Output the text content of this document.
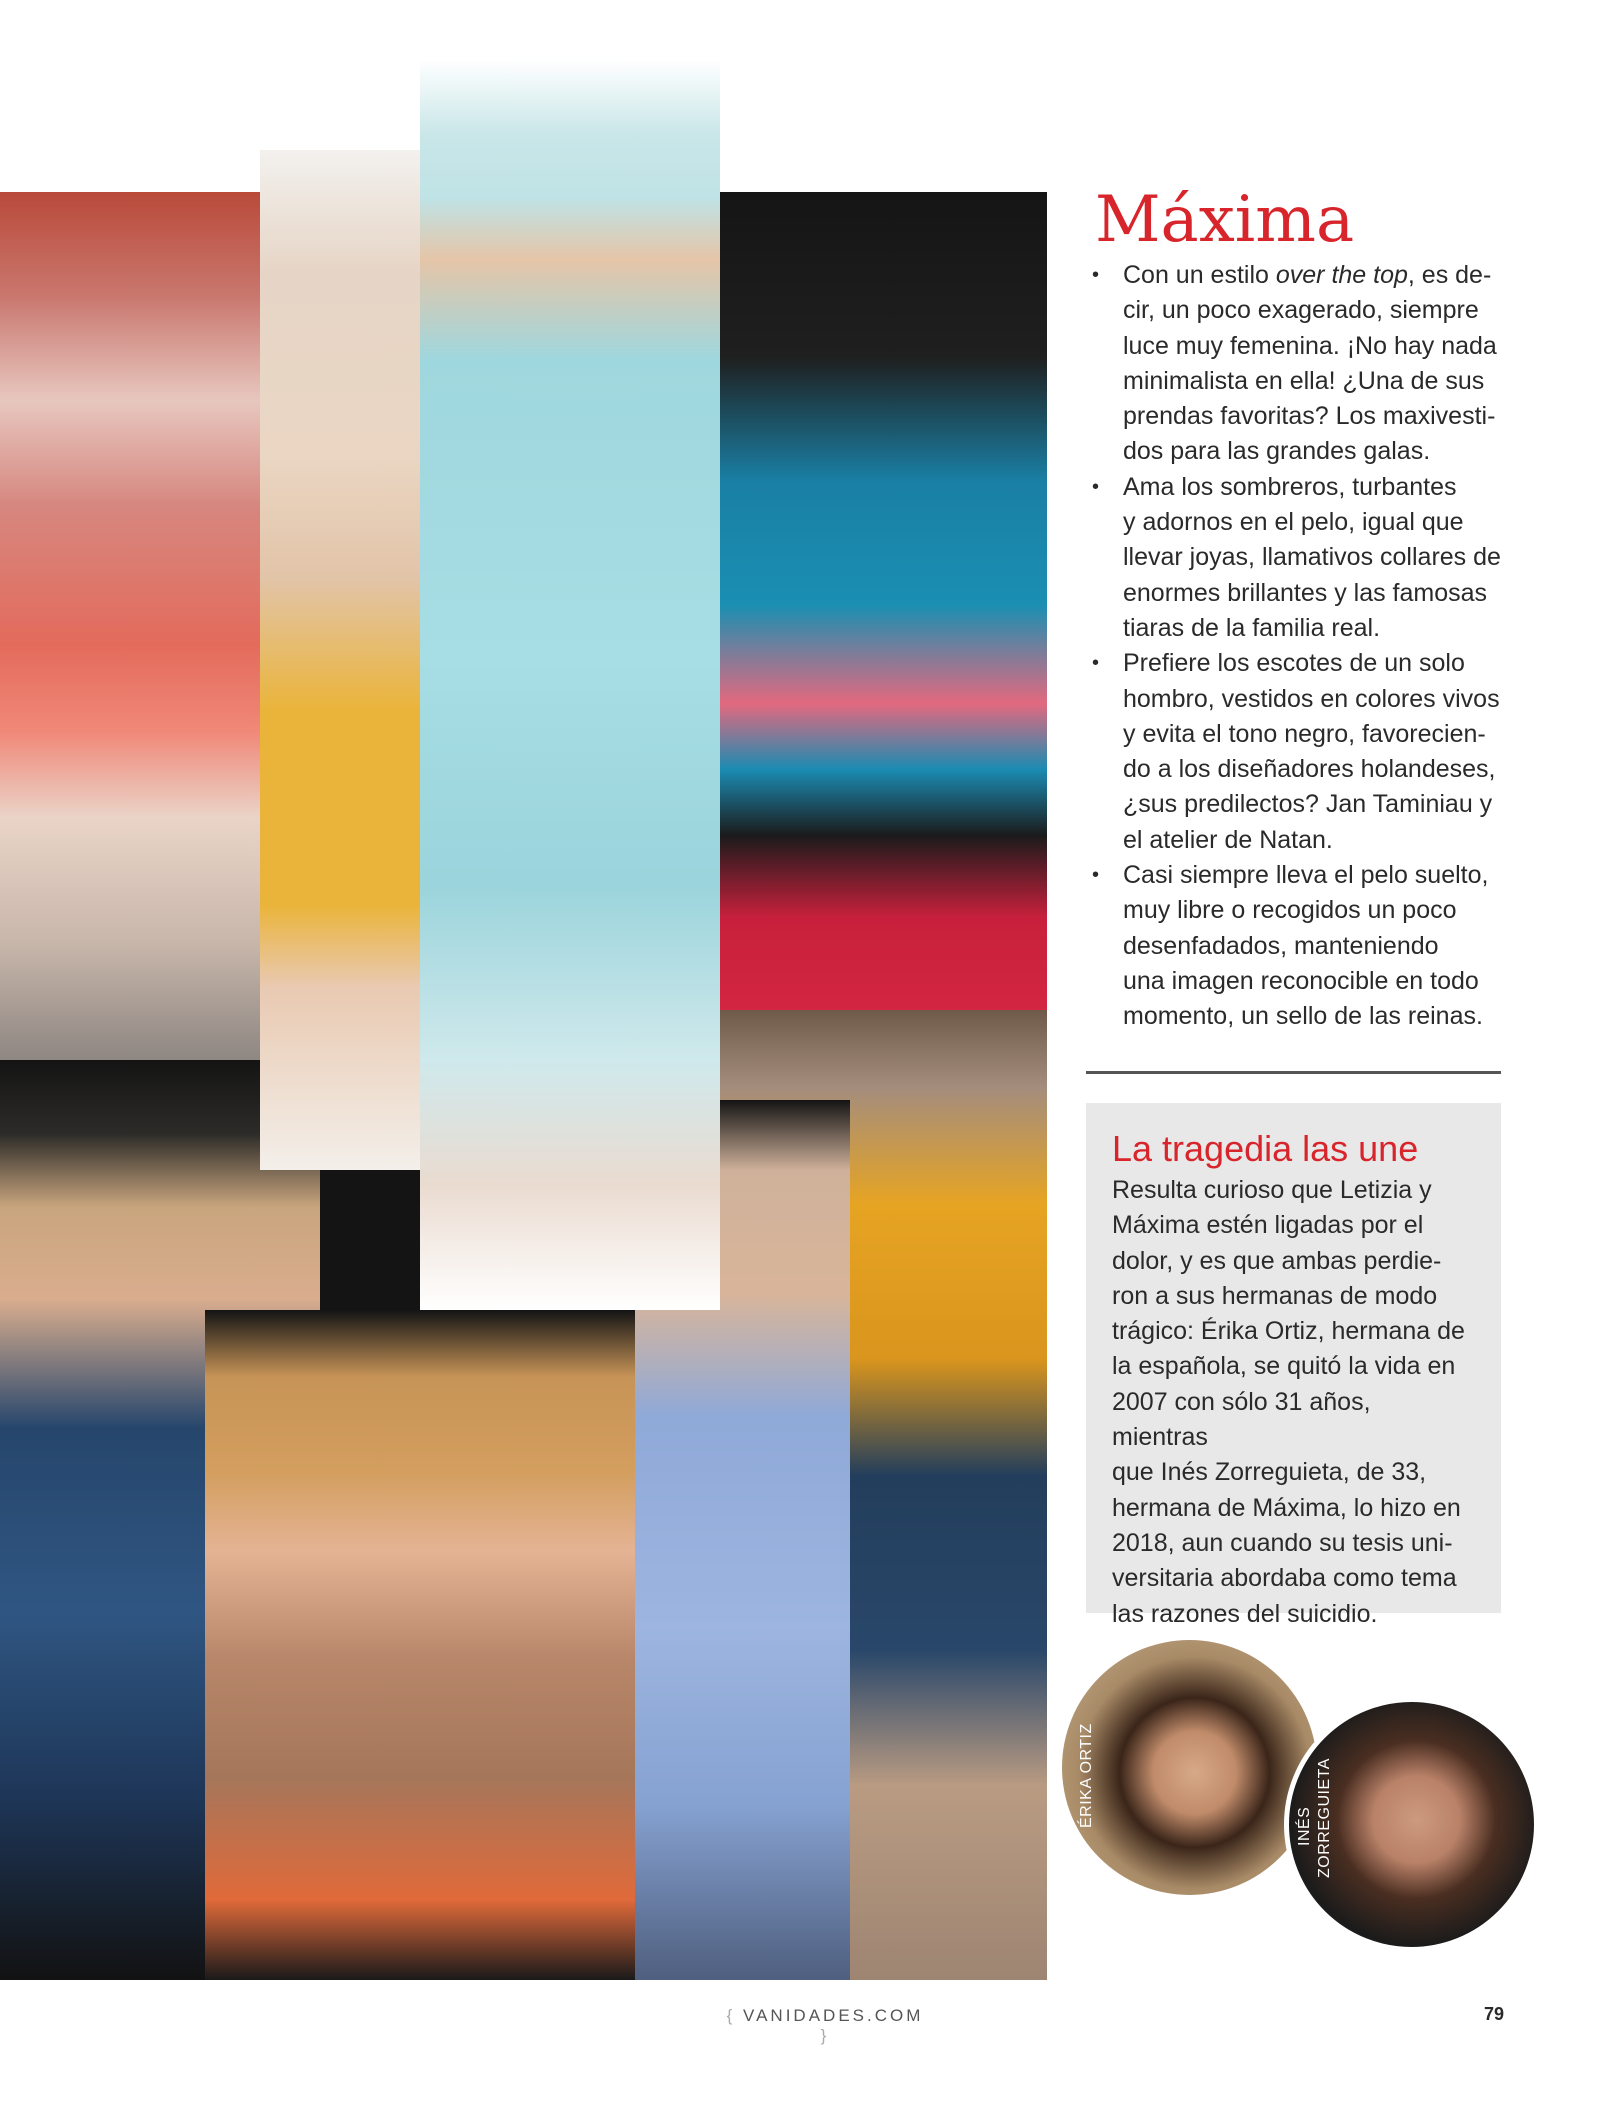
Máxima
• Con un estilo over the top, es de-
cir, un poco exagerado, siempre
luce muy femenina. ¡No hay nada
minimalista en ella! ¿Una de sus
prendas favoritas? Los maxivesti-
dos para las grandes galas.
• Ama los sombreros, turbantes
y adornos en el pelo, igual que
llevar joyas, llamativos collares de
enormes brillantes y las famosas
tiaras de la familia real.
• Prefiere los escotes de un solo
hombro, vestidos en colores vivos
y evita el tono negro, favorecien-
do a los diseñadores holandeses,
¿sus predilectos? Jan Taminiau y
el atelier de Natan.
• Casi siempre lleva el pelo suelto,
muy libre o recogidos un poco
desenfadados, manteniendo
una imagen reconocible en todo
momento, un sello de las reinas.
La tragedia las une

Resulta curioso que Letizia y
Máxima estén ligadas por el
dolor, y es que ambas perdie-
ron a sus hermanas de modo
trágico: Érika Ortiz, hermana de
la española, se quitó la vida en
2007 con sólo 31 años, mientras
que Inés Zorreguieta, de 33,
hermana de Máxima, lo hizo en
2018, aun cuando su tesis uni-
versitaria abordaba como tema
las razones del suicidio.

ÉRIKA ORTIZ	INÉS ZORREGUIETA
{ VANIDADES.COM }
79
